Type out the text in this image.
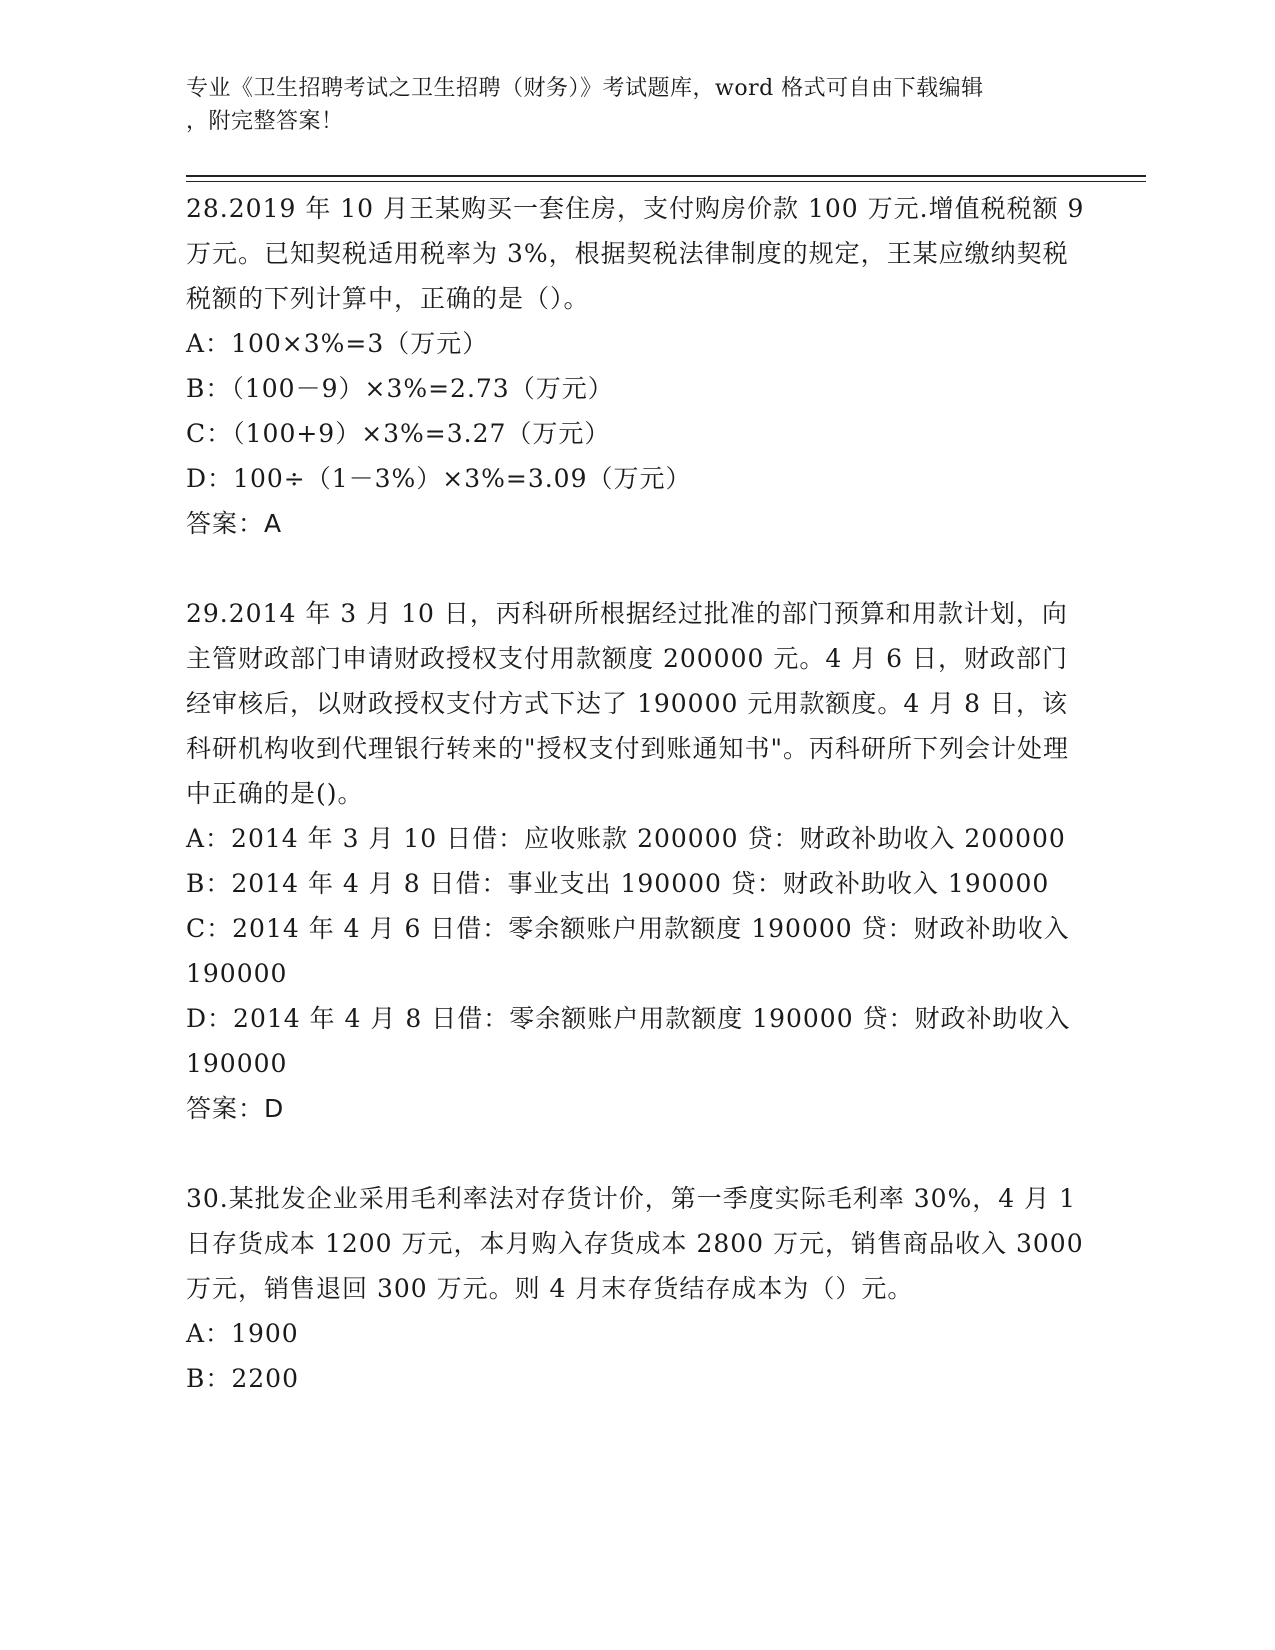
专业《卫生招聘考试之卫生招聘（财务）》考试题库，word 格式可自由下载编辑
，附完整答案！

28.2019 年 10 月王某购买一套住房，支付购房价款 100 万元.增值税税额 9 万元。已知契税适用税率为 3%，根据契税法律制度的规定，王某应缴纳契税税额的下列计算中，正确的是（）。

A：100×3%=3（万元）

B：（100－9）×3%=2.73（万元）

C：（100+9）×3%=3.27（万元）

D：100÷（1－3%）×3%=3.09（万元）

答案：A

29.2014 年 3 月 10 日，丙科研所根据经过批准的部门预算和用款计划，向主管财政部门申请财政授权支付用款额度 200000 元。4 月 6 日，财政部门经审核后，以财政授权支付方式下达了 190000 元用款额度。4 月 8 日，该科研机构收到代理银行转来的"授权支付到账通知书"。丙科研所下列会计处理中正确的是()。

A：2014 年 3 月 10 日借：应收账款 200000 贷：财政补助收入 200000

B：2014 年 4 月 8 日借：事业支出 190000 贷：财政补助收入 190000

C：2014 年 4 月 6 日借：零余额账户用款额度 190000 贷：财政补助收入 190000

D：2014 年 4 月 8 日借：零余额账户用款额度 190000 贷：财政补助收入 190000

答案：D

30.某批发企业采用毛利率法对存货计价，第一季度实际毛利率 30%，4 月 1 日存货成本 1200 万元，本月购入存货成本 2800 万元，销售商品收入 3000 万元，销售退回 300 万元。则 4 月末存货结存成本为（）元。

A：1900

B：2200
